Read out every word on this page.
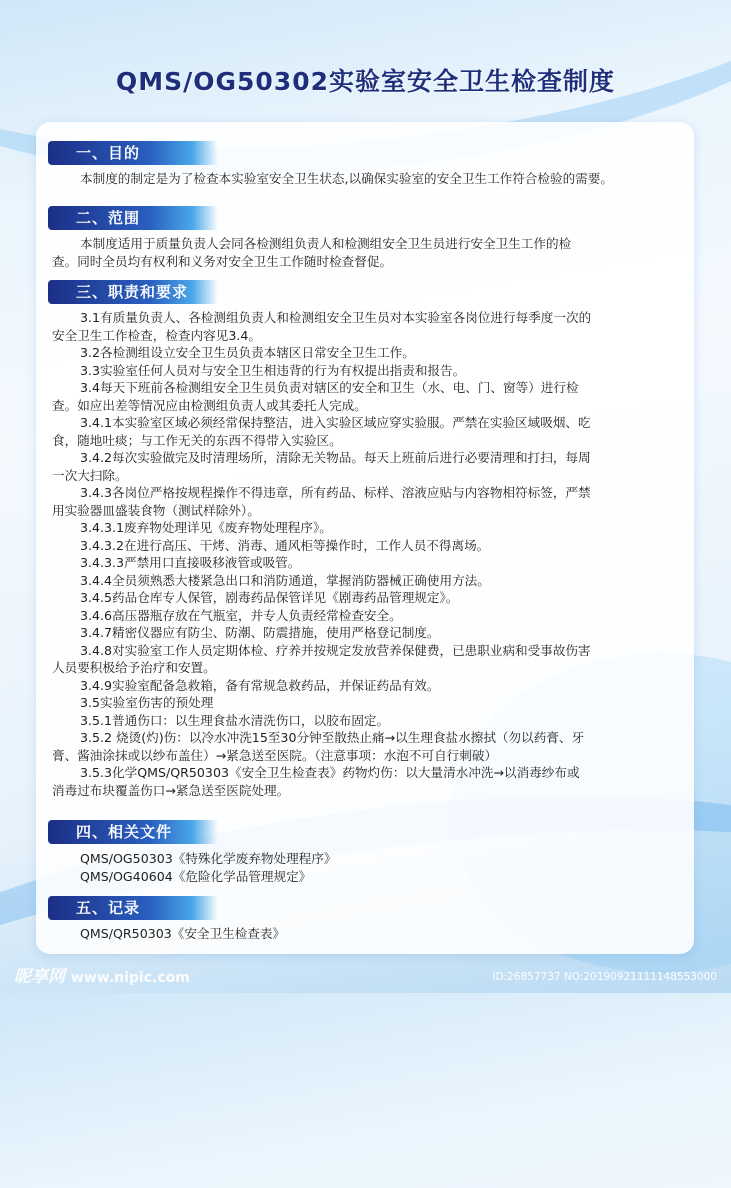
QMS/OG50302实验室安全卫生检查制度
一、目的
本制度的制定是为了检查本实验室安全卫生状态,以确保实验室的安全卫生工作符合检验的需要。
二、范围
本制度适用于质量负责人会同各检测组负责人和检测组安全卫生员进行安全卫生工作的检
查。同时全员均有权利和义务对安全卫生工作随时检查督促。
三、职责和要求
3.1有质量负责人、各检测组负责人和检测组安全卫生员对本实验室各岗位进行每季度一次的
安全卫生工作检查，检查内容见3.4。
3.2各检测组设立安全卫生员负责本辖区日常安全卫生工作。
3.3实验室任何人员对与安全卫生相违背的行为有权提出指责和报告。
3.4每天下班前各检测组安全卫生员负责对辖区的安全和卫生（水、电、门、窗等）进行检
查。如应出差等情况应由检测组负责人或其委托人完成。
3.4.1本实验室区域必须经常保持整洁，进入实验区域应穿实验服。严禁在实验区域吸烟、吃
食，随地吐痰；与工作无关的东西不得带入实验区。
3.4.2每次实验做完及时清理场所，清除无关物品。每天上班前后进行必要清理和打扫，每周
一次大扫除。
3.4.3各岗位严格按规程操作不得违章，所有药品、标样、溶液应贴与内容物相符标签，严禁
用实验器皿盛装食物（测试样除外）。
3.4.3.1废弃物处理详见《废弃物处理程序》。
3.4.3.2在进行高压、干烤、消毒、通风柜等操作时，工作人员不得离场。
3.4.3.3严禁用口直接吸移液管或吸管。
3.4.4全员须熟悉大楼紧急出口和消防通道，掌握消防器械正确使用方法。
3.4.5药品仓库专人保管，剧毒药品保管详见《剧毒药品管理规定》。
3.4.6高压器瓶存放在气瓶室，并专人负责经常检查安全。
3.4.7精密仪器应有防尘、防潮、防震措施，使用严格登记制度。
3.4.8对实验室工作人员定期体检、疗养并按规定发放营养保健费，已患职业病和受事故伤害
人员要积极给予治疗和安置。
3.4.9实验室配备急救箱，备有常规急救药品，并保证药品有效。
3.5实验室伤害的预处理
3.5.1普通伤口：以生理食盐水清洗伤口，以胶布固定。
3.5.2 烧烫(灼)伤：以冷水冲洗15至30分钟至散热止痛→以生理食盐水擦拭（勿以药膏、牙
膏、酱油涂抹或以纱布盖住）→紧急送至医院。（注意事项：水泡不可自行刺破）
3.5.3化学QMS/QR50303《安全卫生检查表》药物灼伤：以大量清水冲洗→以消毒纱布或
消毒过布块覆盖伤口→紧急送至医院处理。
四、相关文件
QMS/OG50303《特殊化学废弃物处理程序》
QMS/OG40604《危险化学品管理规定》
五、记录
QMS/QR50303《安全卫生检查表》
昵享网 www.nipic.com	ID:26857737 NO:20190921111148553000
